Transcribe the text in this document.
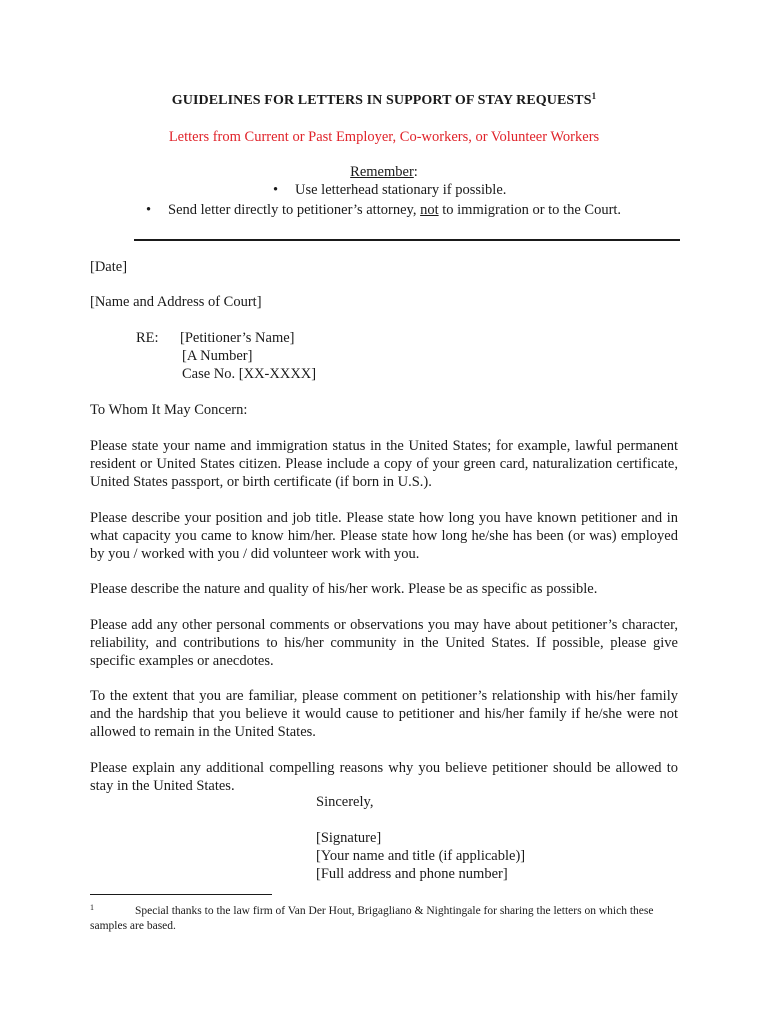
GUIDELINES FOR LETTERS IN SUPPORT OF STAY REQUESTS$^1$
Letters from Current or Past Employer, Co-workers, or Volunteer Workers
Remember:
• Use letterhead stationary if possible.
• Send letter directly to petitioner’s attorney, not to immigration or to the Court.
[Date]
[Name and Address of Court]
RE: [Petitioner’s Name]
[A Number]
Case No. [XX-XXXX]
To Whom It May Concern:
Please state your name and immigration status in the United States; for example, lawful permanent resident or United States citizen. Please include a copy of your green card, naturalization certificate, United States passport, or birth certificate (if born in U.S.).
Please describe your position and job title. Please state how long you have known petitioner and in what capacity you came to know him/her. Please state how long he/she has been (or was) employed by you / worked with you / did volunteer work with you.
Please describe the nature and quality of his/her work. Please be as specific as possible.
Please add any other personal comments or observations you may have about petitioner’s character, reliability, and contributions to his/her community in the United States. If possible, please give specific examples or anecdotes.
To the extent that you are familiar, please comment on petitioner’s relationship with his/her family and the hardship that you believe it would cause to petitioner and his/her family if he/she were not allowed to remain in the United States.
Please explain any additional compelling reasons why you believe petitioner should be allowed to stay in the United States.
Sincerely,
[Signature]
[Your name and title (if applicable)]
[Full address and phone number]
1	Special thanks to the law firm of Van Der Hout, Brigagliano & Nightingale for sharing the letters on which these samples are based.
